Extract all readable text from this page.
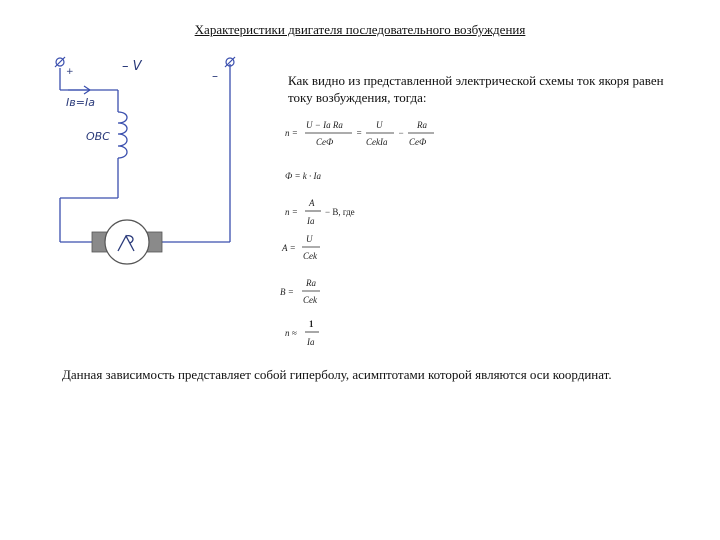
Характеристики двигателя последовательного возбуждения
+	– V
–
Iв=Iа
ОВС
Как видно из представленной электрической схемы ток якоря равен току возбуждения, тогда:
n =
U − Iа Rа
CеФ
=
U
CеkIа
−
Rа
CеФ
Ф = k · Iа
n =
A
Iа
− B, где
A =
U
Cеk
B =
Rа
Cеk
n ≈
1
Iа
Данная зависимость представляет собой гиперболу, асимптотами которой являются оси координат.
